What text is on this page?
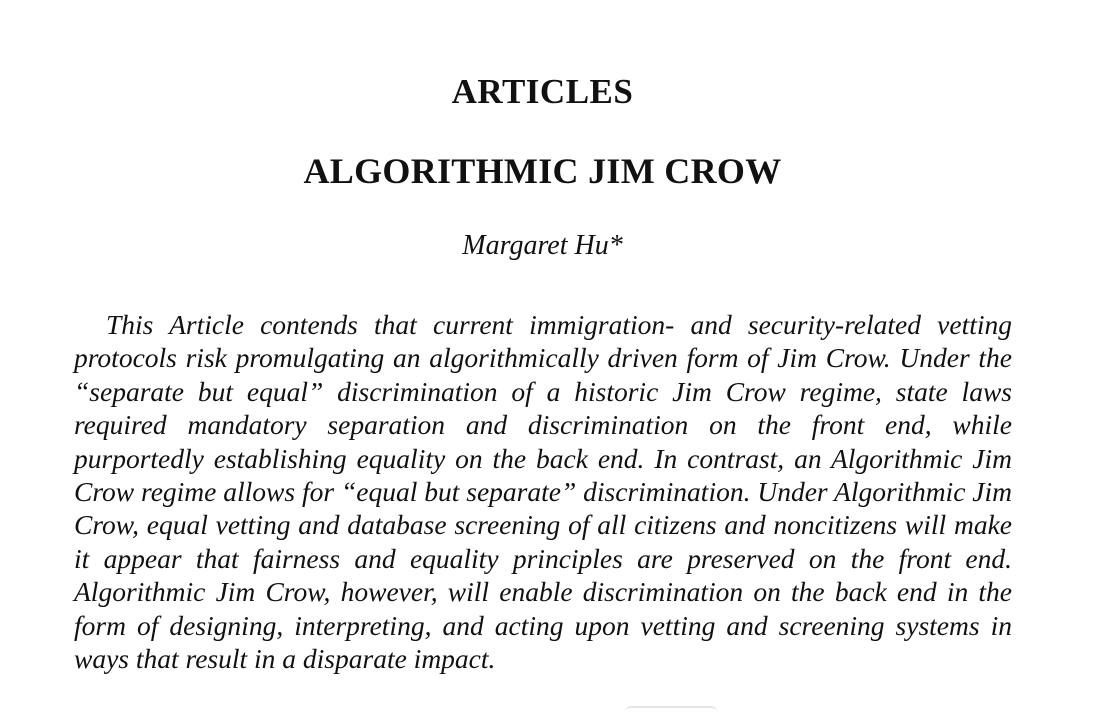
ARTICLES
ALGORITHMIC JIM CROW
Margaret Hu*

This Article contends that current immigration- and security-related vetting protocols risk promulgating an algorithmically driven form of Jim Crow. Under the “separate but equal” discrimination of a historic Jim Crow regime, state laws required mandatory separation and discrimination on the front end, while purportedly establishing equality on the back end. In contrast, an Algorithmic Jim Crow regime allows for “equal but separate” discrimination. Under Algorithmic Jim Crow, equal vetting and database screening of all citizens and noncitizens will make it appear that fairness and equality principles are preserved on the front end. Algorithmic Jim Crow, however, will enable discrimination on the back end in the form of designing, interpreting, and acting upon vetting and screening systems in ways that result in a disparate impact.
